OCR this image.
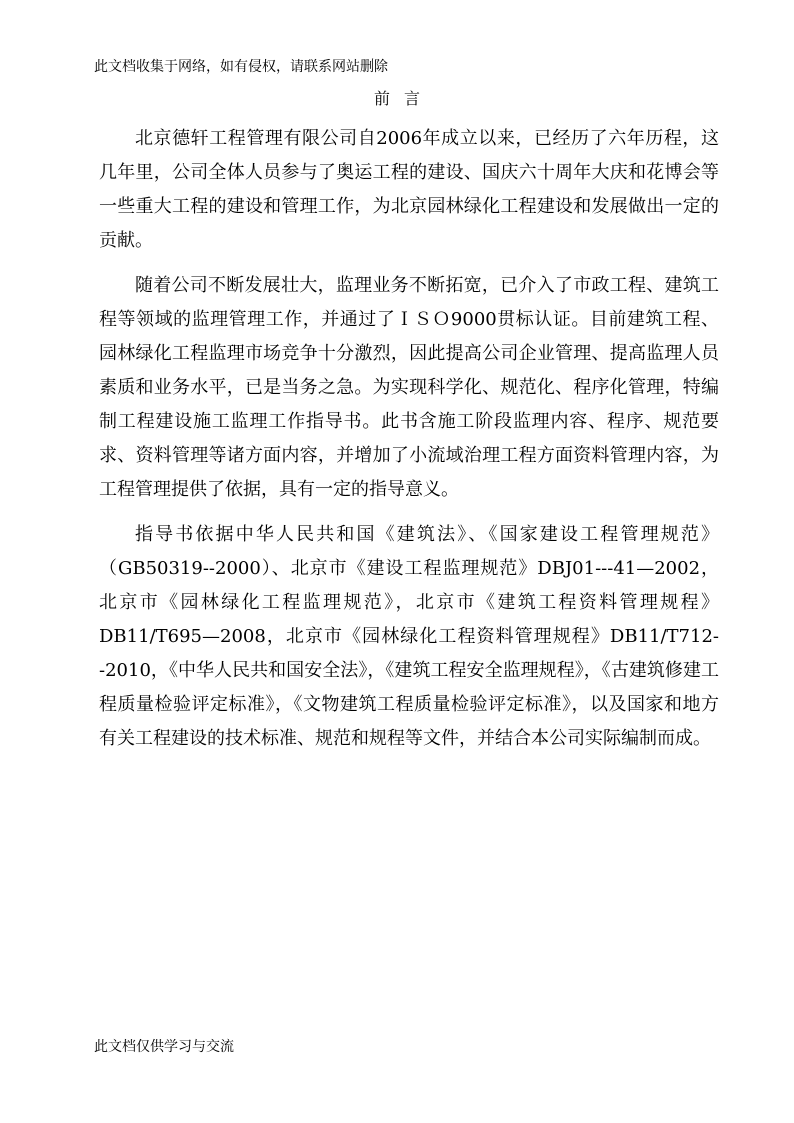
此文档收集于网络，如有侵权，请联系网站删除
前言

北京德轩工程管理有限公司自2006年成立以来，已经历了六年历程，这几年里，公司全体人员参与了奥运工程的建设、国庆六十周年大庆和花博会等一些重大工程的建设和管理工作，为北京园林绿化工程建设和发展做出一定的贡献。

随着公司不断发展壮大，监理业务不断拓宽，已介入了市政工程、建筑工程等领域的监理管理工作，并通过了ＩＳＯ9000贯标认证。目前建筑工程、园林绿化工程监理市场竞争十分激烈，因此提高公司企业管理、提高监理人员素质和业务水平，已是当务之急。为实现科学化、规范化、程序化管理，特编制工程建设施工监理工作指导书。此书含施工阶段监理内容、程序、规范要求、资料管理等诸方面内容，并增加了小流域治理工程方面资料管理内容，为工程管理提供了依据，具有一定的指导意义。

指导书依据中华人民共和国《建筑法》、《国家建设工程管理规范》（GB50319--2000）、北京市《建设工程监理规范》DBJ01---41—2002，北京市《园林绿化工程监理规范》，北京市《建筑工程资料管理规程》DB11/T695—2008，北京市《园林绿化工程资料管理规程》DB11/T712--2010，《中华人民共和国安全法》，《建筑工程安全监理规程》，《古建筑修建工程质量检验评定标准》，《文物建筑工程质量检验评定标准》，以及国家和地方有关工程建设的技术标准、规范和规程等文件，并结合本公司实际编制而成。

此文档仅供学习与交流
